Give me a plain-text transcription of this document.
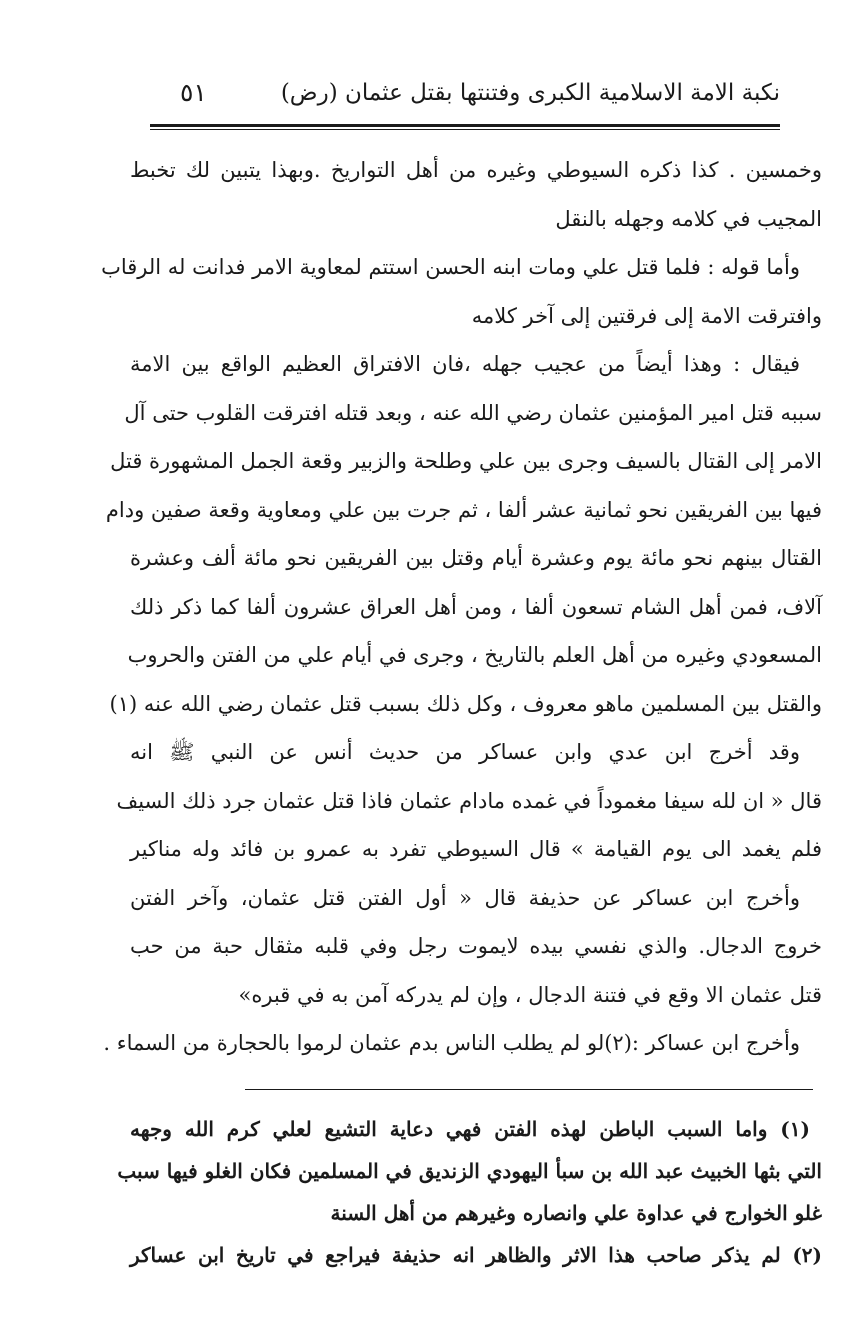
نكبة الامة الاسلامية الكبرى وفتنتها بقتل عثمان (رض)
٥١
وخمسين . كذا ذكره السيوطي وغيره من أهل التواريخ .وبهذا يتبين لك تخبط
المجيب في كلامه وجهله بالنقل
وأما قوله : فلما قتل علي ومات ابنه الحسن استتم لمعاوية الامر فدانت له الرقاب
وافترقت الامة إلى فرقتين إلى آخر كلامه
فيقال : وهذا أيضاً من عجيب جهله ،فان الافتراق العظيم الواقع بين الامة
سببه قتل امير المؤمنين عثمان رضي الله عنه ، وبعد قتله افترقت القلوب حتى آل
الامر إلى القتال بالسيف وجرى بين علي وطلحة والزبير وقعة الجمل المشهورة قتل
فيها بين الفريقين نحو ثمانية عشر ألفا ، ثم جرت بين علي ومعاوية وقعة صفين ودام
القتال بينهم نحو مائة يوم وعشرة أيام وقتل بين الفريقين نحو مائة ألف وعشرة
آلاف، فمن أهل الشام تسعون ألفا ، ومن أهل العراق عشرون ألفا كما ذكر ذلك
المسعودي وغيره من أهل العلم بالتاريخ ، وجرى في أيام علي من الفتن والحروب
والقتل بين المسلمين ماهو معروف ، وكل ذلك بسبب قتل عثمان رضي الله عنه (١)
وقد أخرج ابن عدي وابن عساكر من حديث أنس عن النبي ﷺ انه
قال « ان لله سيفا مغموداً في غمده مادام عثمان فاذا قتل عثمان جرد ذلك السيف
فلم يغمد الى يوم القيامة » قال السيوطي تفرد به عمرو بن فائد وله مناكير
وأخرج ابن عساكر عن حذيفة قال « أول الفتن قتل عثمان، وآخر الفتن
خروج الدجال. والذي نفسي بيده لايموت رجل وفي قلبه مثقال حبة من حب
قتل عثمان الا وقع في فتنة الدجال ، وإن لم يدركه آمن به في قبره»
وأخرج ابن عساكر :(٢)لو لم يطلب الناس بدم عثمان لرموا بالحجارة من السماء .
(١) واما السبب الباطن لهذه الفتن فهي دعاية التشيع لعلي كرم الله وجهه
التي بثها الخبيث عبد الله بن سبأ اليهودي الزنديق في المسلمين فكان الغلو فيها سبب
غلو الخوارج في عداوة علي وانصاره وغيرهم من أهل السنة
(٢) لم يذكر صاحب هذا الاثر والظاهر انه حذيفة فيراجع في تاريخ ابن عساكر
